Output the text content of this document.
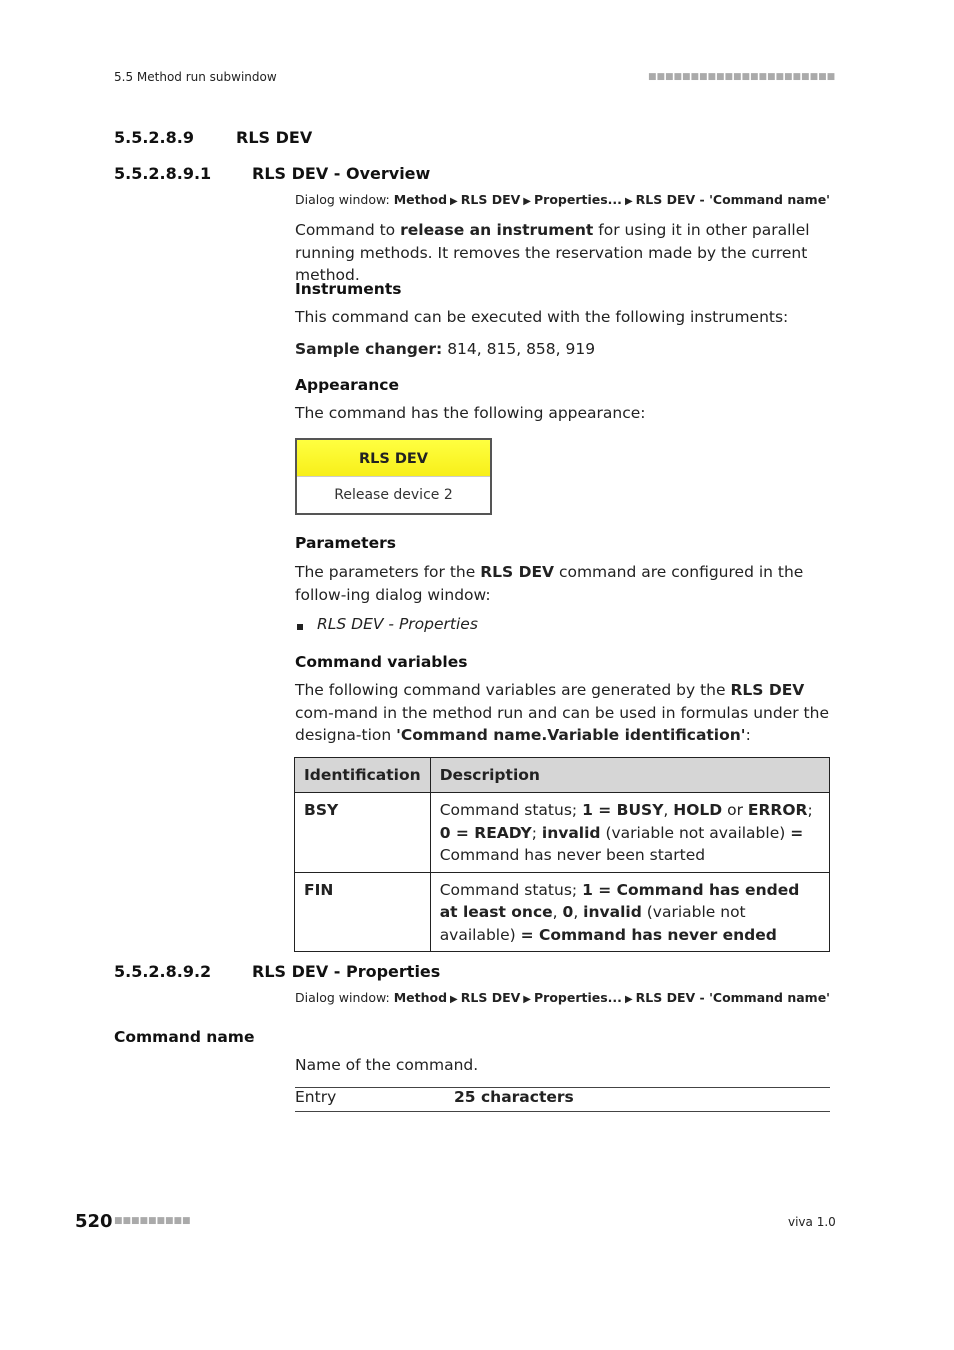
5.5 Method run subwindow	■■■■■■■■■■■■■■■■■■■■■■
5.5.2.8.9	RLS DEV
5.5.2.8.9.1	RLS DEV - Overview
Dialog window: Method ▶ RLS DEV ▶ Properties... ▶ RLS DEV - 'Command name'
Command to release an instrument for using it in other parallel running methods. It removes the reservation made by the current method.
Instruments
This command can be executed with the following instruments:
Sample changer: 814, 815, 858, 919
Appearance
The command has the following appearance:
RLS DEV
Release device 2
Parameters
The parameters for the RLS DEV command are configured in the follow-ing dialog window:
RLS DEV - Properties
Command variables
The following command variables are generated by the RLS DEV com-mand in the method run and can be used in formulas under the designa-tion 'Command name.Variable identification':
Identification	Description
BSY	Command status; 1 = BUSY, HOLD or ERROR; 0 = READY; invalid (variable not available) = Command has never been started
FIN	Command status; 1 = Command has ended at least once, 0, invalid (variable not available) = Command has never ended
5.5.2.8.9.2	RLS DEV - Properties
Dialog window: Method ▶ RLS DEV ▶ Properties... ▶ RLS DEV - 'Command name'
Command name
Name of the command.
Entry	25 characters
520 ■■■■■■■■■	viva 1.0
